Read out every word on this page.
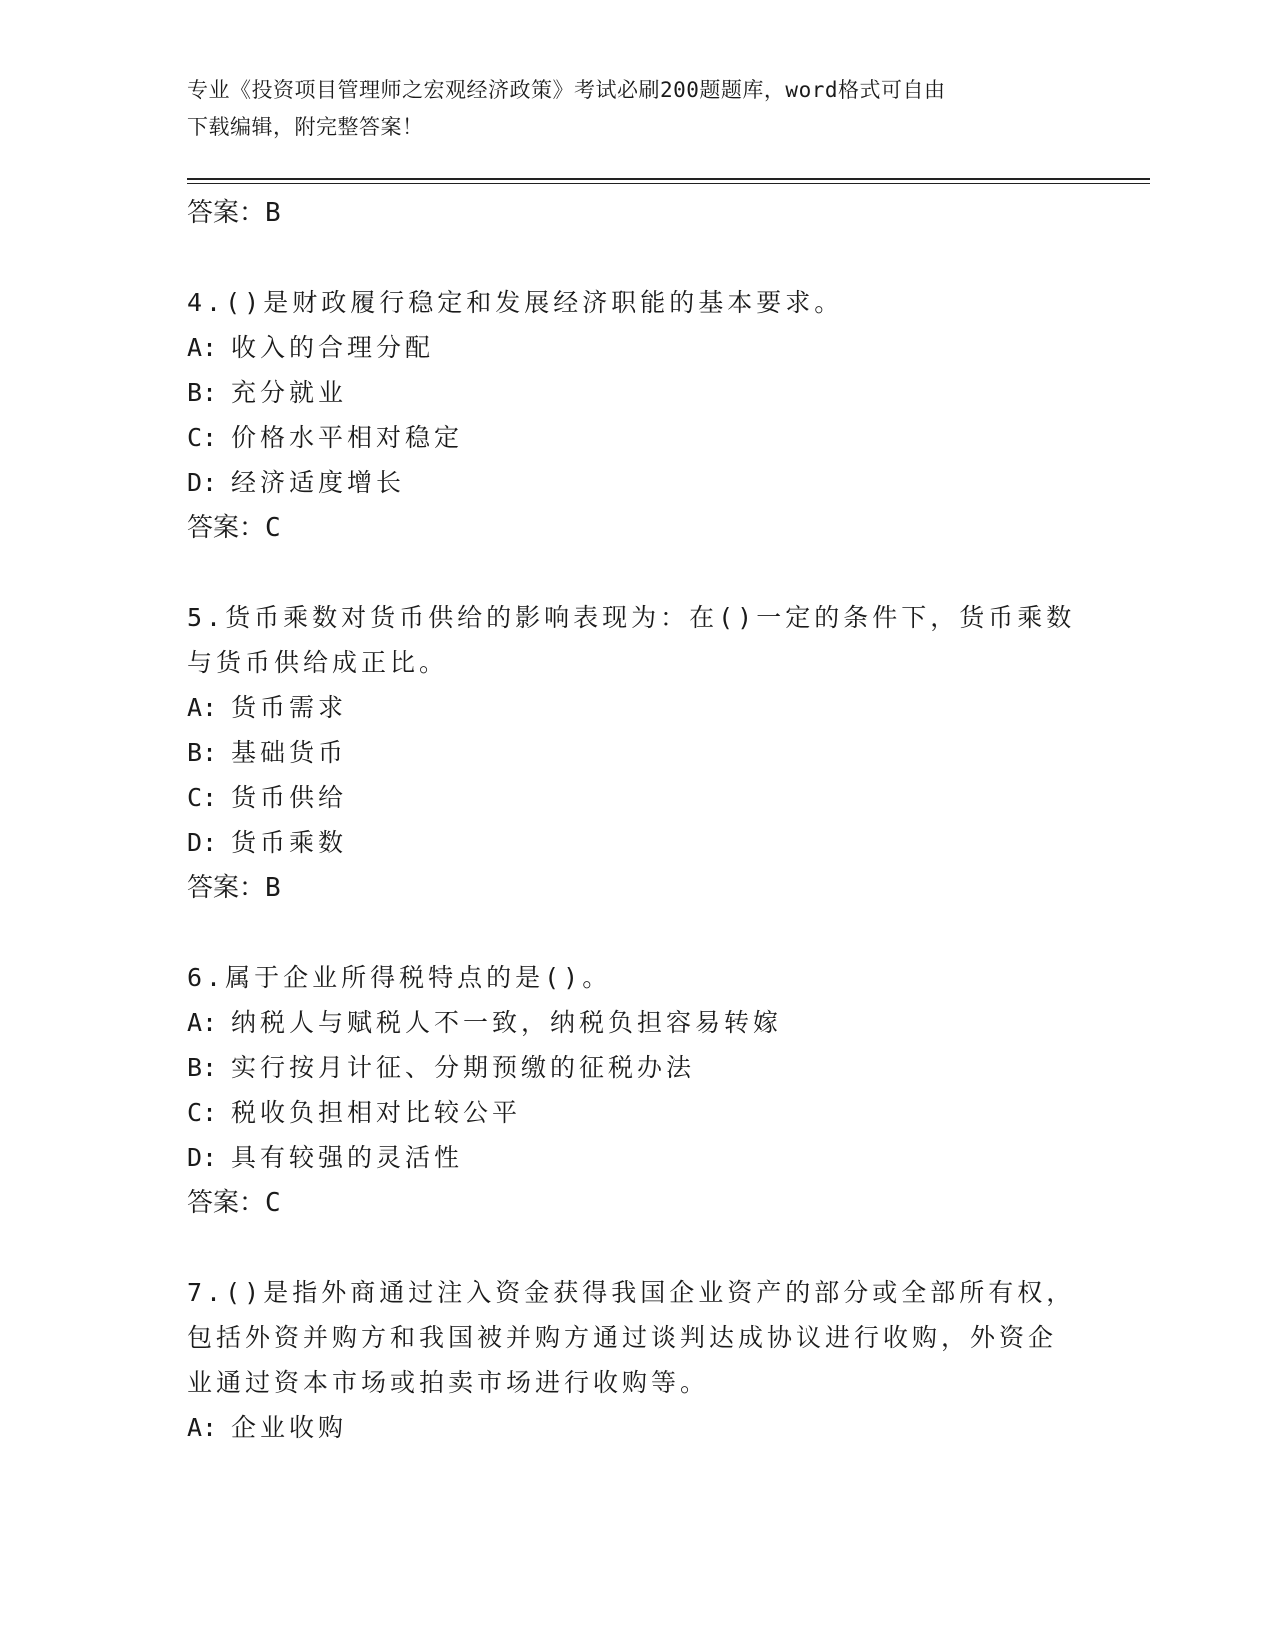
专业《投资项目管理师之宏观经济政策》考试必刷200题题库，word格式可自由
下载编辑，附完整答案！
答案：B
4.()是财政履行稳定和发展经济职能的基本要求。
A: 收入的合理分配
B: 充分就业
C: 价格水平相对稳定
D: 经济适度增长
答案：C
5.货币乘数对货币供给的影响表现为：在()一定的条件下，货币乘数
与货币供给成正比。
A: 货币需求
B: 基础货币
C: 货币供给
D: 货币乘数
答案：B
6.属于企业所得税特点的是()。
A: 纳税人与赋税人不一致，纳税负担容易转嫁
B: 实行按月计征、分期预缴的征税办法
C: 税收负担相对比较公平
D: 具有较强的灵活性
答案：C
7.()是指外商通过注入资金获得我国企业资产的部分或全部所有权，
包括外资并购方和我国被并购方通过谈判达成协议进行收购，外资企
业通过资本市场或拍卖市场进行收购等。
A: 企业收购
